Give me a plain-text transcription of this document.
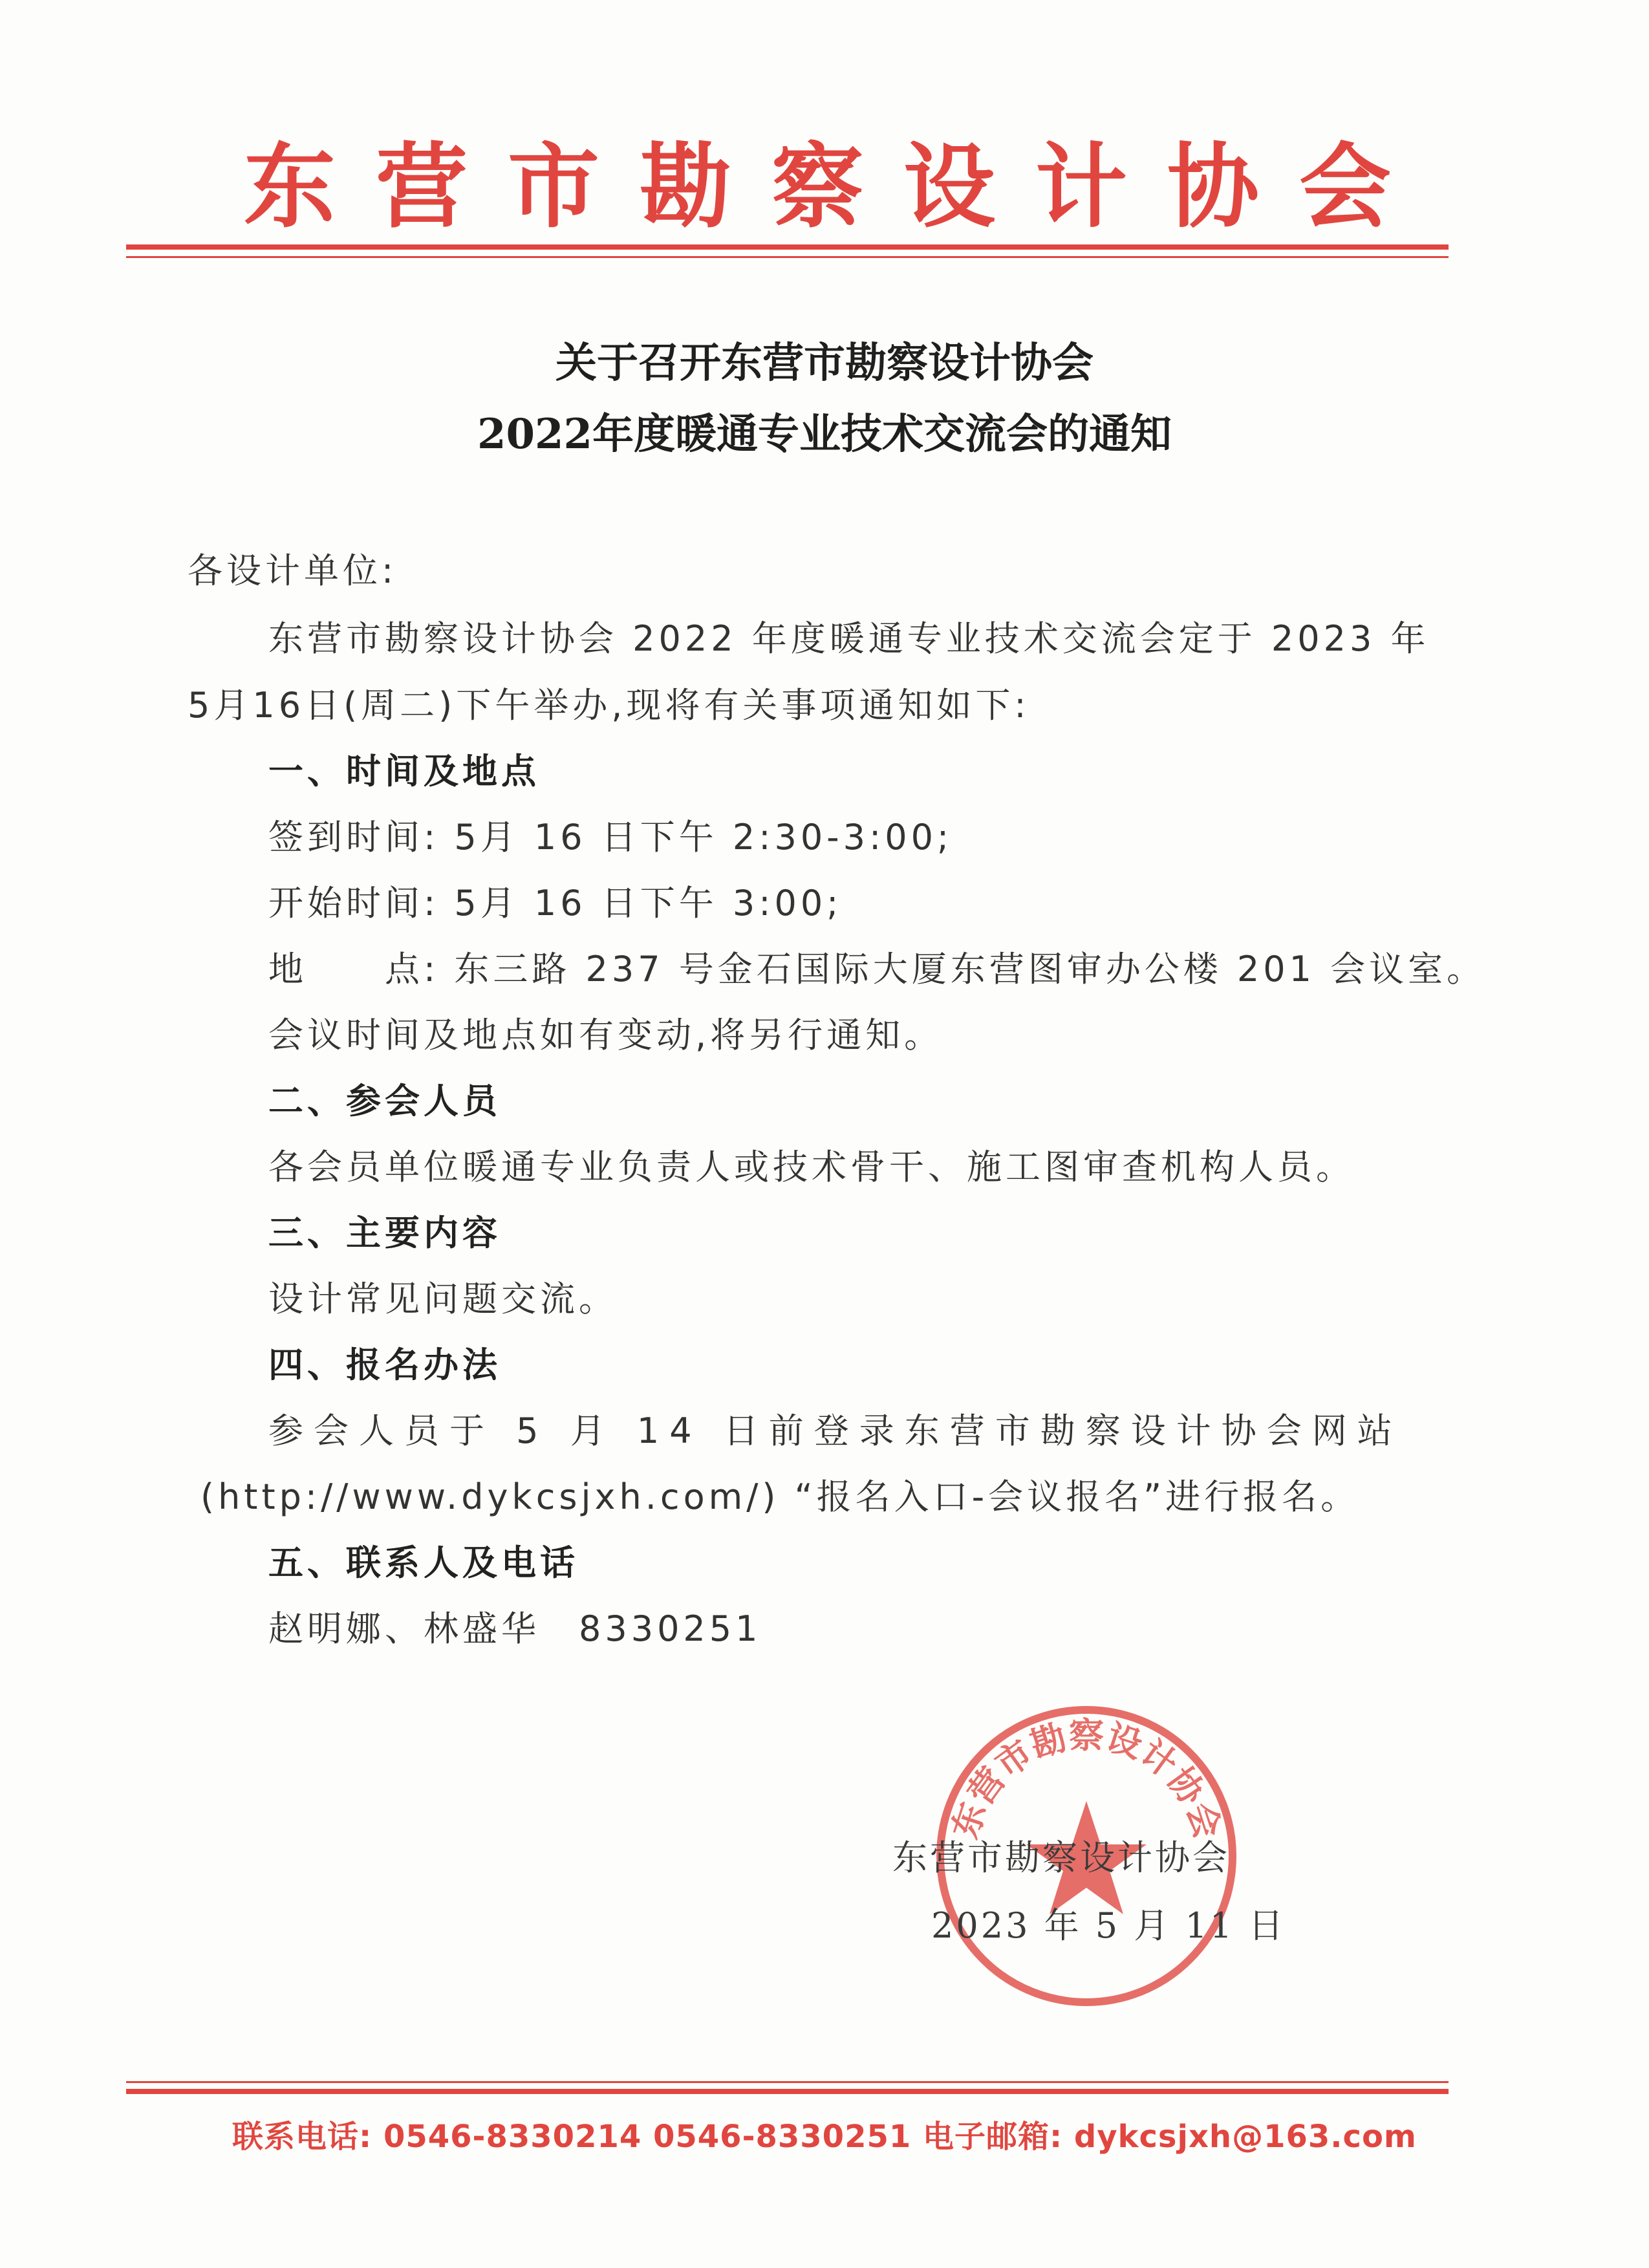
东营市勘察设计协会
关于召开东营市勘察设计协会
2022年度暖通专业技术交流会的通知
各设计单位:
东营市勘察设计协会 2022 年度暖通专业技术交流会定于 2023 年
5月16日(周二)下午举办,现将有关事项通知如下:
一、时间及地点
签到时间: 5月 16 日下午 2:30-3:00;
开始时间: 5月 16 日下午 3:00;
地　　点: 东三路 237 号金石国际大厦东营图审办公楼 201 会议室。
会议时间及地点如有变动,将另行通知。
二、参会人员
各会员单位暖通专业负责人或技术骨干、施工图审查机构人员。
三、主要内容
设计常见问题交流。
四、报名办法
参会人员于 5 月 14 日前登录东营市勘察设计协会网站
(http://www.dykcsjxh.com/) “报名入口-会议报名”进行报名。
五、联系人及电话
赵明娜、林盛华　8330251
东营市勘察设计协会
东营市勘察设计协会
2023 年 5 月 11 日
联系电话: 0546-8330214 0546-8330251 电子邮箱: dykcsjxh@163.com
